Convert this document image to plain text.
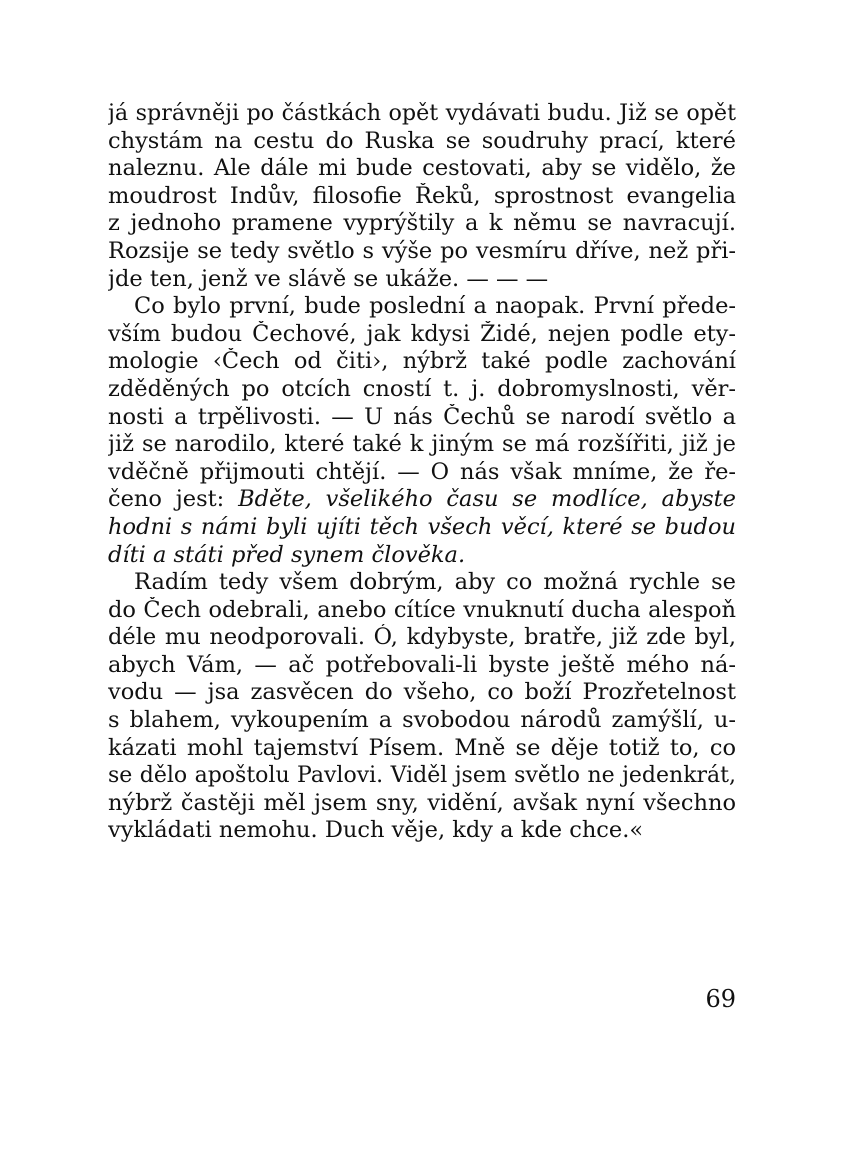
já správněji po částkách opět vydávati budu. Již se opět
chystám na cestu do Ruska se soudruhy prací, které
naleznu. Ale dále mi bude cestovati, aby se vidělo, že
moudrost Indův, filosofie Řeků, sprostnost evangelia
z jednoho pramene vyprýštily a k němu se navracují.
Rozsije se tedy světlo s výše po vesmíru dříve, než při-
jde ten, jenž ve slávě se ukáže. — — —
Co bylo první, bude poslední a naopak. První přede-
vším budou Čechové, jak kdysi Židé, nejen podle ety-
mologie ‹Čech od čiti›, nýbrž také podle zachování
zděděných po otcích cností t. j. dobromyslnosti, věr-
nosti a trpělivosti. — U nás Čechů se narodí světlo a
již se narodilo, které také k jiným se má rozšířiti, již je
vděčně přijmouti chtějí. — O nás však mníme, že ře-
čeno jest: Bděte, všelikého času se modlíce, abyste
hodni s námi byli ujíti těch všech věcí, které se budou
díti a státi před synem člověka.
Radím tedy všem dobrým, aby co možná rychle se
do Čech odebrali, anebo cítíce vnuknutí ducha alespoň
déle mu neodporovali. Ó, kdybyste, bratře, již zde byl,
abych Vám, — ač potřebovali-li byste ještě mého ná-
vodu — jsa zasvěcen do všeho, co boží Prozřetelnost
s blahem, vykoupením a svobodou národů zamýšlí, u-
kázati mohl tajemství Písem. Mně se děje totiž to, co
se dělo apoštolu Pavlovi. Viděl jsem světlo ne jedenkrát,
nýbrž častěji měl jsem sny, vidění, avšak nyní všechno
vykládati nemohu. Duch věje, kdy a kde chce.«
69
